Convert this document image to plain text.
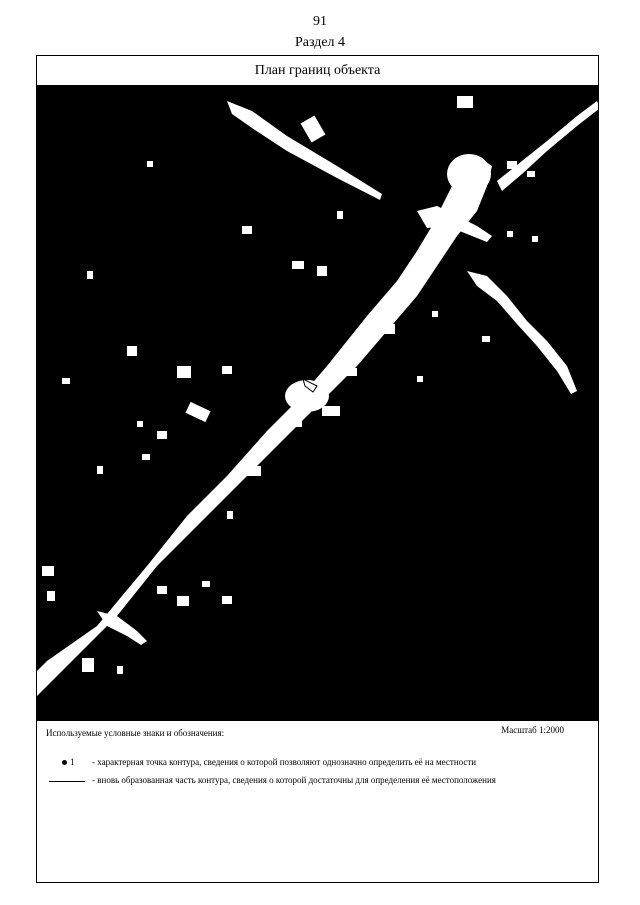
91
Раздел 4
План границ объекта
Используемые условные знаки и обозначения:	Масштаб 1:2000
1 - характерная точка контура, сведения о которой позволяют однозначно определить её на местности
- вновь образованная часть контура, сведения о которой достаточны для определения её местоположения
